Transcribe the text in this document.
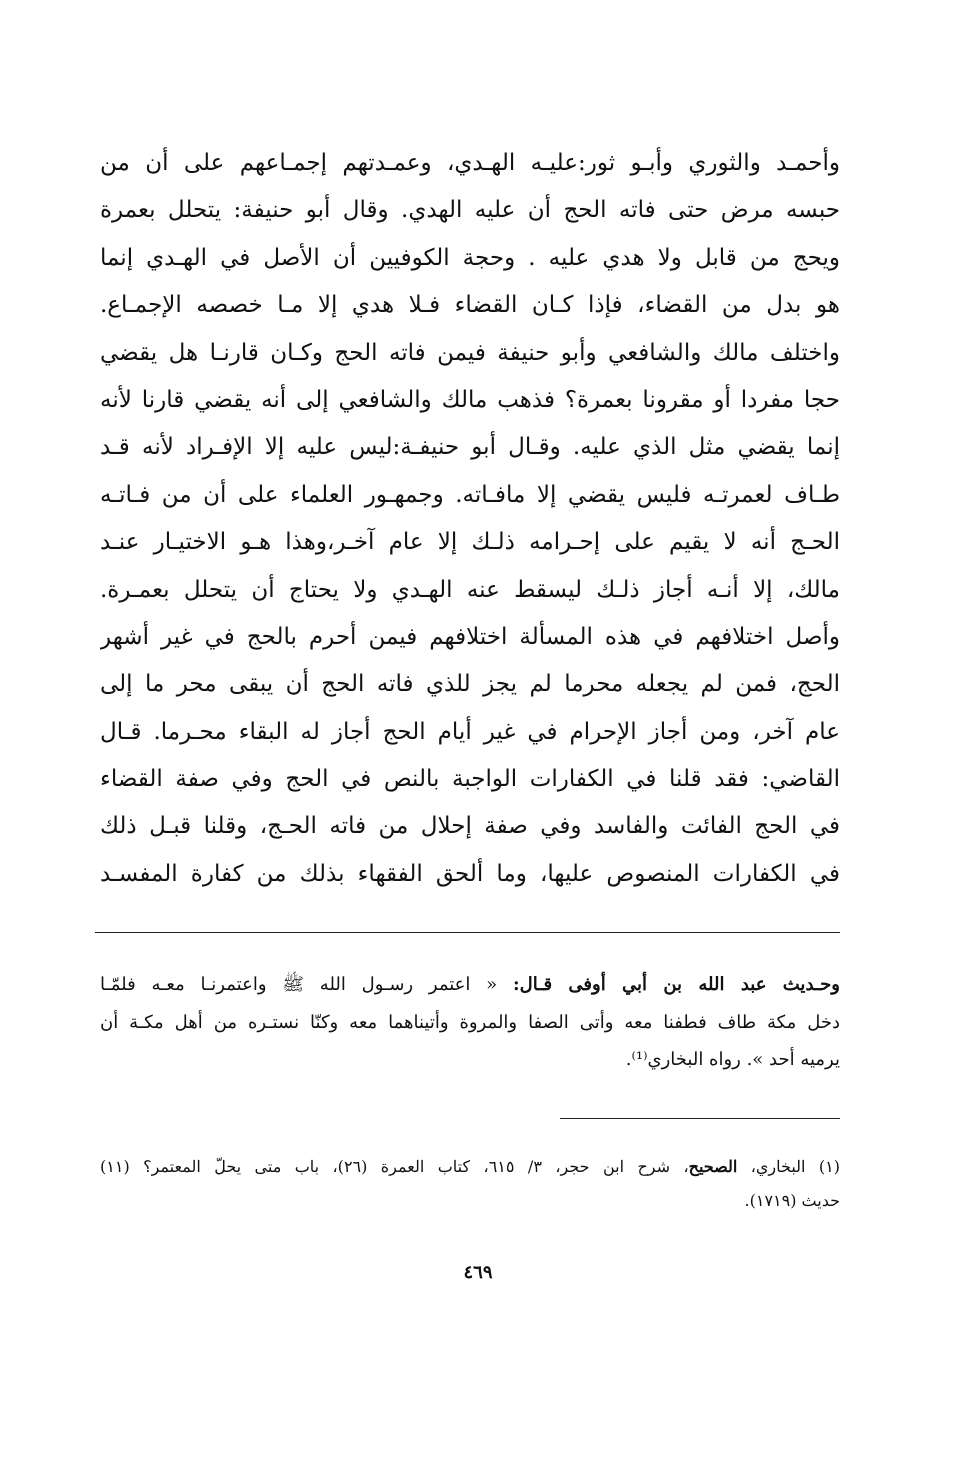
وأحمـد والثوري وأبـو ثور:عليـه الهـدي، وعمـدتهم إجمـاعهم على أن من
حبسه مرض حتى فاته الحج أن عليه الهدي. وقال أبو حنيفة: يتحلل بعمرة
ويحج من قابل ولا هدي عليه . وحجة الكوفيين أن الأصل في الهـدي إنما
هو بدل من القضاء، فإذا كـان القضاء فـلا هدي إلا مـا خصصه الإجمـاع.
واختلف مالك والشافعي وأبو حنيفة فيمن فاته الحج وكـان قارنـا هل يقضي
حجا مفردا أو مقرونا بعمرة؟ فذهب مالك والشافعي إلى أنه يقضي قارنا لأنه
إنما يقضي مثل الذي عليه. وقـال أبو حنيفـة:ليس عليه إلا الإفـراد لأنه قـد
طـاف لعمرتـه فليس يقضي إلا مافـاته. وجمهـور العلماء على أن من فـاتـه
الحـج أنه لا يقيم على إحـرامه ذلـك إلا عام آخـر،وهذا هـو الاختيـار عنـد
مالك، إلا أنـه أجاز ذلـك ليسقط عنه الهـدي ولا يحتاج أن يتحلل بعمـرة.
وأصل اختلافهم في هذه المسألة اختلافهم فيمن أحرم بالحج في غير أشهر
الحج، فمن لم يجعله محرما لم يجز للذي فاته الحج أن يبقى محر ما إلى
عام آخر، ومن أجاز الإحرام في غير أيام الحج أجاز له البقاء محـرما. قـال
القاضي: فقد قلنا في الكفارات الواجبة بالنص في الحج وفي صفة القضاء
في الحج الفائت والفاسد وفي صفة إحلال من فاته الحـج، وقلنا قبـل ذلك
في الكفارات المنصوص عليها، وما ألحق الفقهاء بذلك من كفارة المفسـد
وحـديث عبد الله بن أبي أوفى قـال: « اعتمر رسـول الله ﷺ واعتمرنـا معـه فلمّـا
دخل مكة طاف فطفنا معه وأتى الصفا والمروة وأتيناهما معه وكنّا نستـره من أهل مكـة أن
يرميه أحد ». رواه البخاري⁽¹⁾.
(١) البخاري، الصحيح، شرح ابن حجر، ٣/ ٦١٥، كتاب العمرة (٢٦)، باب متى يحلّ المعتمر؟ (١١)
حديث (١٧١٩).
٤٦٩
